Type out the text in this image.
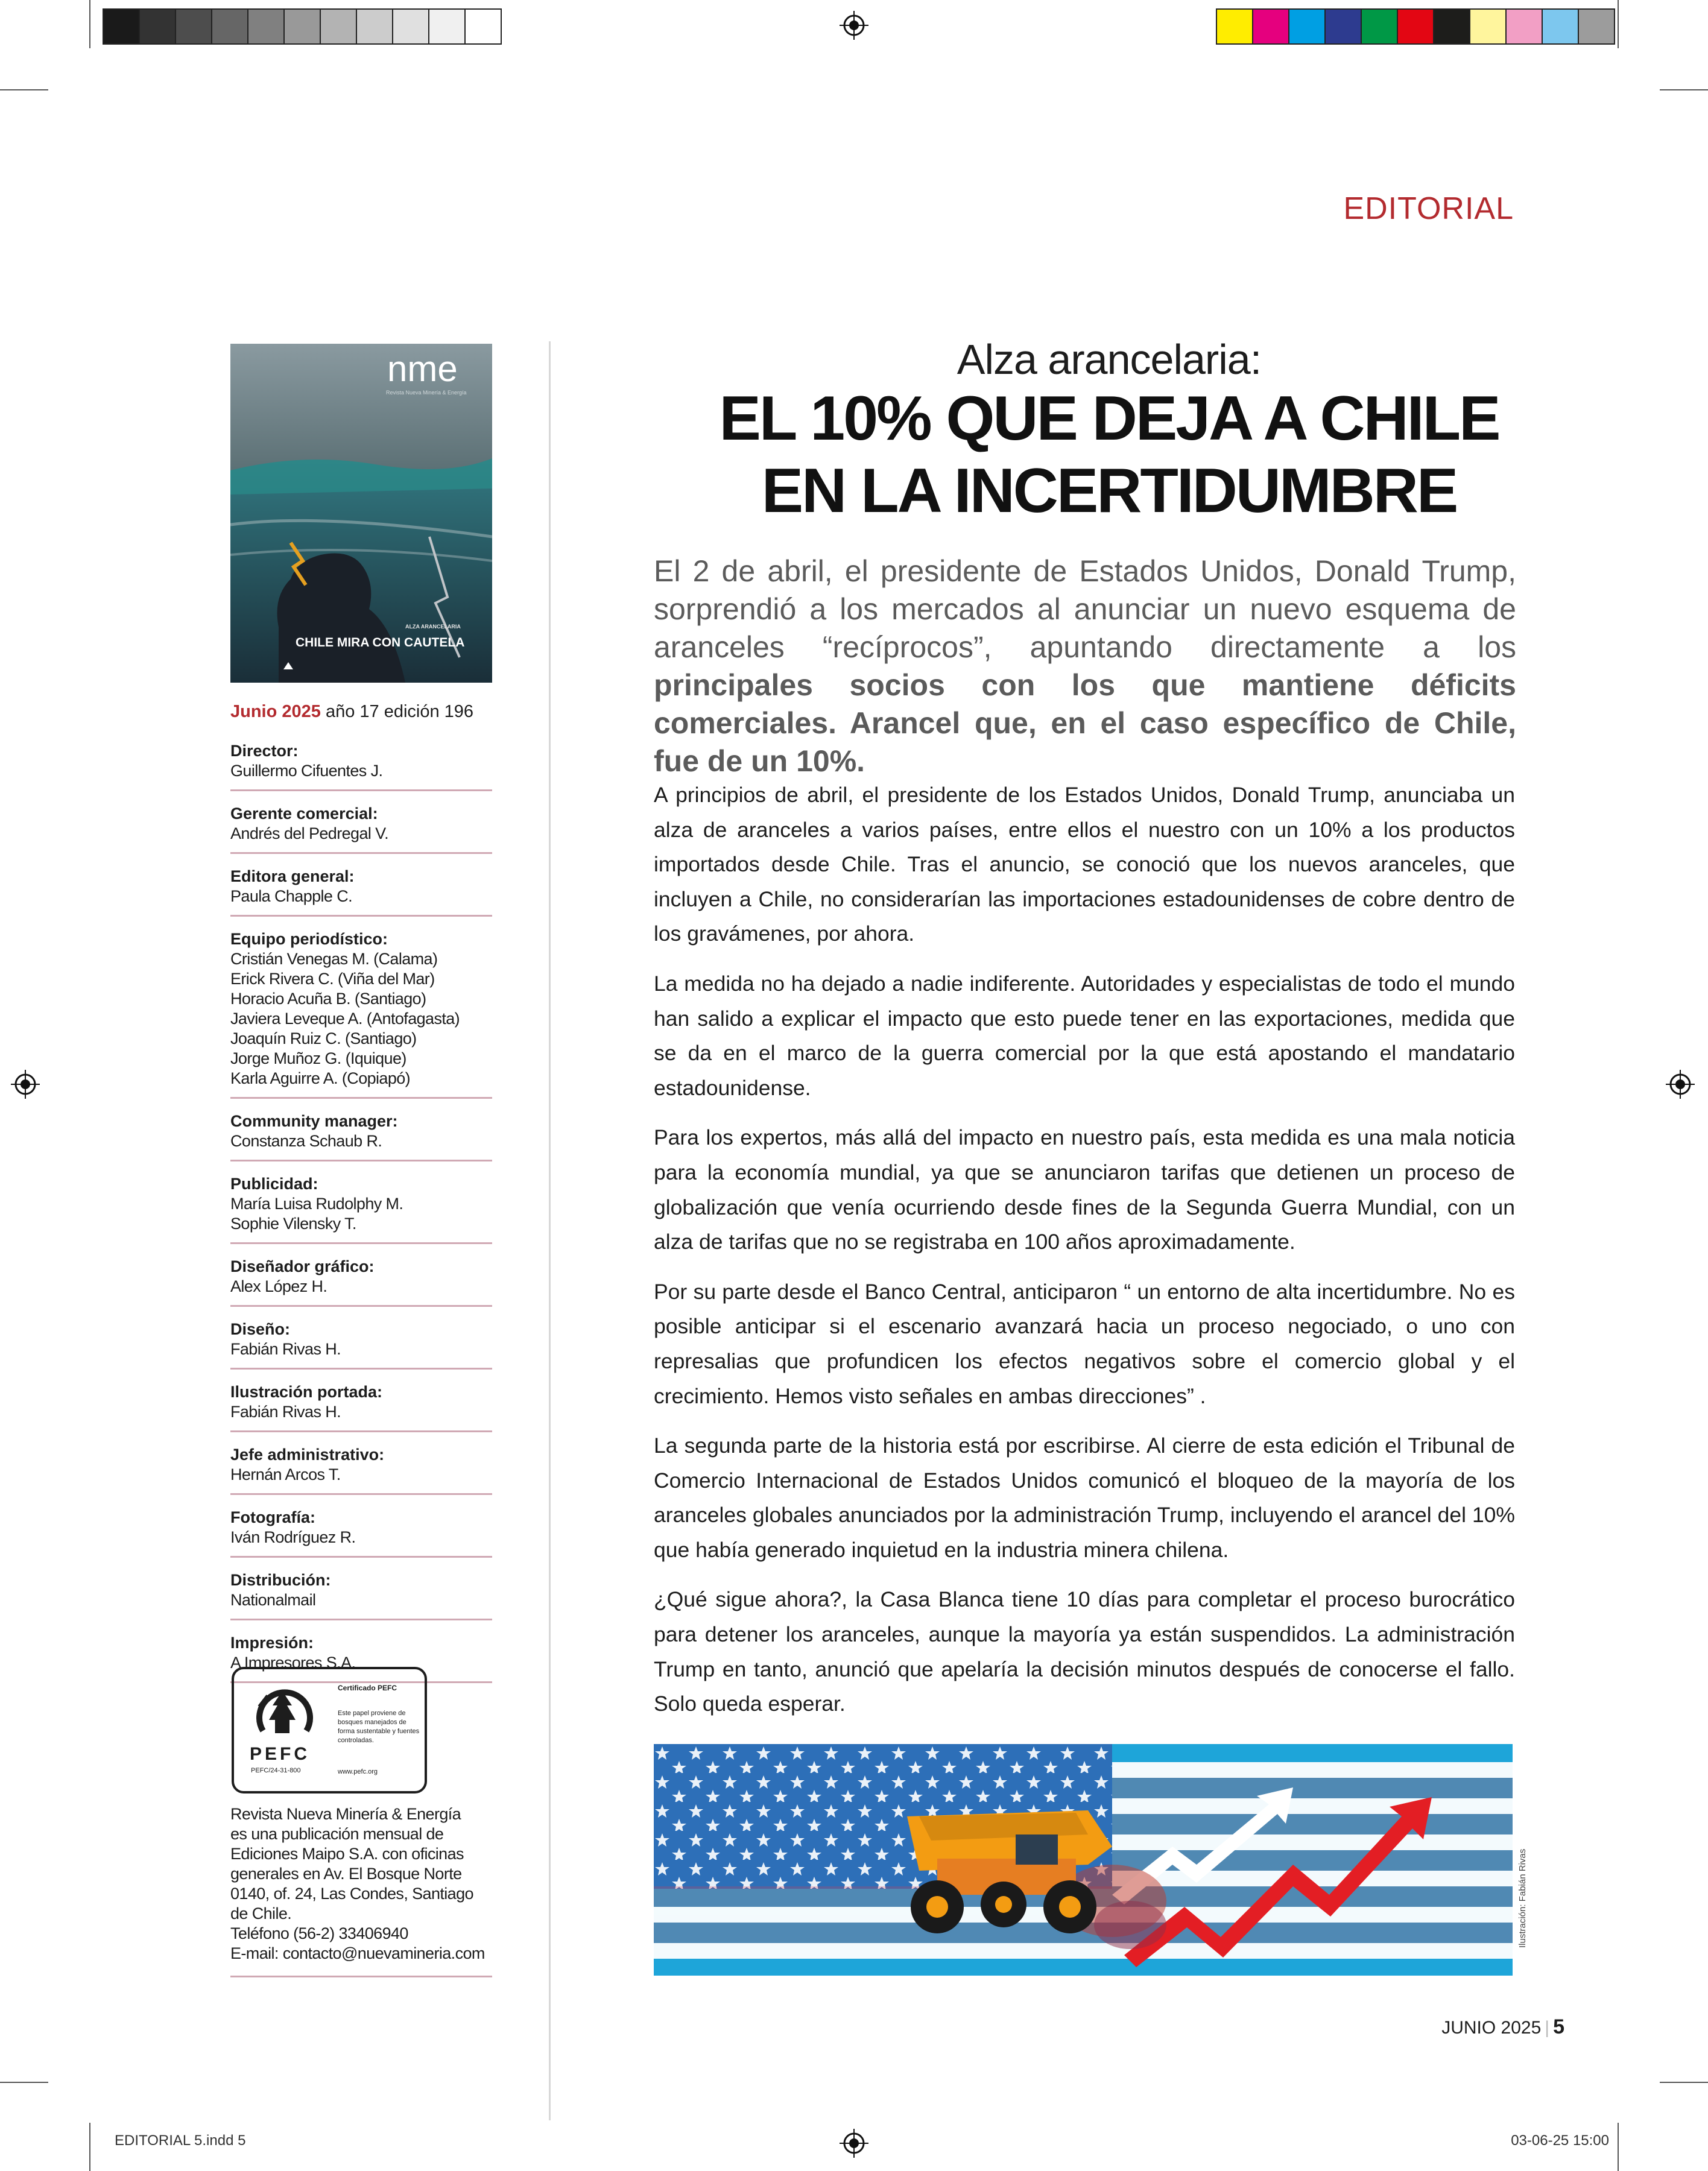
EDITORIAL
nme
Revista Nueva Minería & Energía
ALZA ARANCELARIA
CHILE MIRA CON CAUTELA
Junio 2025 año 17 edición 196
Director:
Guillermo Cifuentes J.
Gerente comercial:
Andrés del Pedregal V.
Editora general:
Paula Chapple C.
Equipo periodístico:
Cristián Venegas M. (Calama)
Erick Rivera C. (Viña del Mar)
Horacio Acuña B. (Santiago)
Javiera Leveque A. (Antofagasta)
Joaquín Ruiz C. (Santiago)
Jorge Muñoz G. (Iquique)
Karla Aguirre A. (Copiapó)
Community manager:
Constanza Schaub R.
Publicidad:
María Luisa Rudolphy M.
Sophie Vilensky T.
Diseñador gráfico:
Alex López H.
Diseño:
Fabián Rivas H.
Ilustración portada:
Fabián Rivas H.
Jefe administrativo:
Hernán Arcos T.
Fotografía:
Iván Rodríguez R.
Distribución:
Nationalmail
Impresión:
A Impresores S.A.
Certificado PEFC
Este papel proviene de bosques manejados de forma sustentable y fuentes controladas.
PEFC
PEFC/24-31-800	www.pefc.org
Revista Nueva Minería & Energía
es una publicación mensual de
Ediciones Maipo S.A. con oficinas
generales en Av. El Bosque Norte
0140, of. 24, Las Condes, Santiago
de Chile.
Teléfono (56-2) 33406940
E-mail: contacto@nuevamineria.com
Alza arancelaria:
EL 10% QUE DEJA A CHILE
EN LA INCERTIDUMBRE
El 2 de abril, el presidente de Estados Unidos, Donald Trump, sorprendió a los mercados al anunciar un nuevo esquema de aranceles “recíprocos”, apuntando directamente a los principales socios con los que mantiene déficits comerciales. Arancel que, en el caso específico de Chile, fue de un 10%.

A principios de abril, el presidente de los Estados Unidos, Donald Trump, anunciaba un alza de aranceles a varios países, entre ellos el nuestro con un 10% a los productos importados desde Chile. Tras el anuncio, se conoció que los nuevos aranceles, que incluyen a Chile, no considerarían las importaciones estadounidenses de cobre dentro de los gravámenes, por ahora.

La medida no ha dejado a nadie indiferente. Autoridades y especialistas de todo el mundo han salido a explicar el impacto que esto puede tener en las exportaciones, medida que se da en el marco de la guerra comercial por la que está apostando el mandatario estadounidense.

Para los expertos, más allá del impacto en nuestro país, esta medida es una mala noticia para la economía mundial, ya que se anunciaron tarifas que detienen un proceso de globalización que venía ocurriendo desde fines de la Segunda Guerra Mundial, con un alza de tarifas que no se registraba en 100 años aproximadamente.

Por su parte desde el Banco Central, anticiparon “ un entorno de alta incertidumbre. No es posible anticipar si el escenario avanzará hacia un proceso negociado, o uno con represalias que profundicen los efectos negativos sobre el comercio global y el crecimiento. Hemos visto señales en ambas direcciones” .

La segunda parte de la historia está por escribirse. Al cierre de esta edición el Tribunal de Comercio Internacional de Estados Unidos comunicó el bloqueo de la mayoría de los aranceles globales anunciados por la administración Trump, incluyendo el arancel del 10% que había generado inquietud en la industria minera chilena.

¿Qué sigue ahora?, la Casa Blanca tiene 10 días para completar el proceso burocrático para detener los aranceles, aunque la mayoría ya están suspendidos. La administración Trump en tanto, anunció que apelaría la decisión minutos después de conocerse el fallo. Solo queda esperar.

Ilustración: Fabián Rivas
JUNIO 2025 | 5
EDITORIAL 5.indd 5	03-06-25 15:00
